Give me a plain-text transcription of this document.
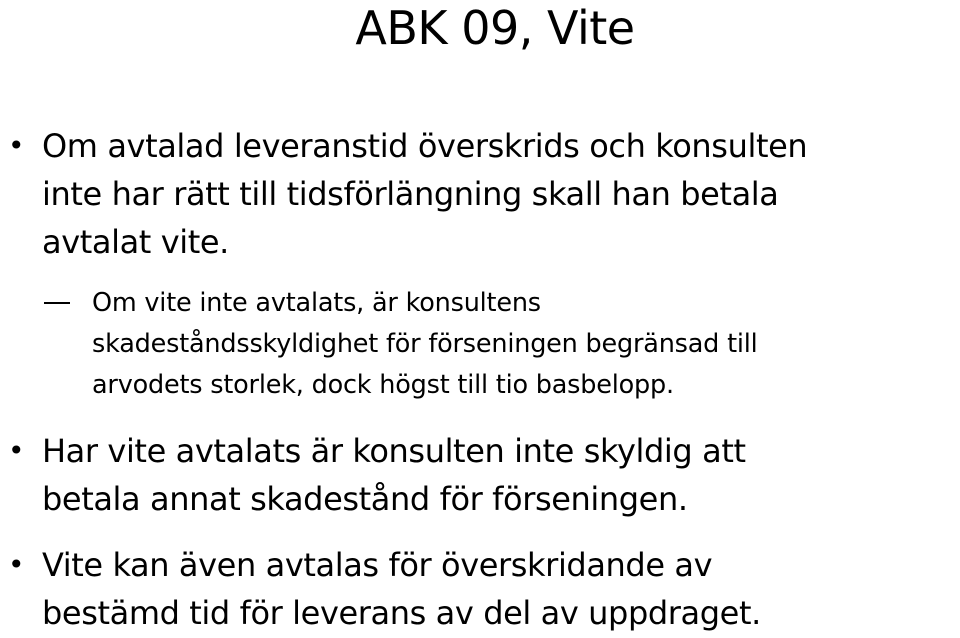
ABK 09, Vite
• Om avtalad leveranstid överskrids och konsulten
inte har rätt till tidsförlängning skall han betala
avtalat vite.
Om vite inte avtalats, är konsultens
skadeståndsskyldighet för förseningen begränsad till
arvodets storlek, dock högst till tio basbelopp.
• Har vite avtalats är konsulten inte skyldig att
betala annat skadestånd för förseningen.
• Vite kan även avtalas för överskridande av
bestämd tid för leverans av del av uppdraget.
